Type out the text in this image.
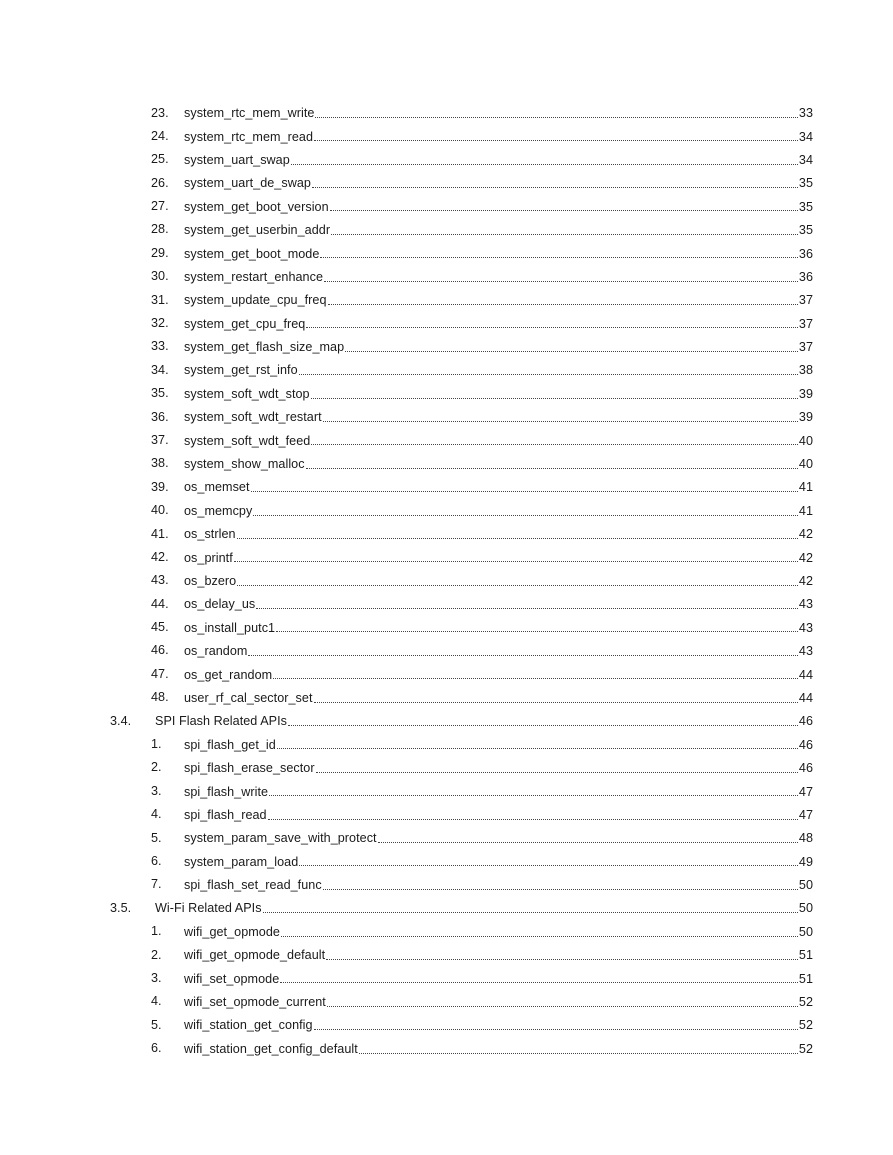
23. system_rtc_mem_write	33
24. system_rtc_mem_read	34
25. system_uart_swap	34
26. system_uart_de_swap	35
27. system_get_boot_version	35
28. system_get_userbin_addr	35
29. system_get_boot_mode	36
30. system_restart_enhance	36
31. system_update_cpu_freq	37
32. system_get_cpu_freq	37
33. system_get_flash_size_map	37
34. system_get_rst_info	38
35. system_soft_wdt_stop	39
36. system_soft_wdt_restart	39
37. system_soft_wdt_feed	40
38. system_show_malloc	40
39. os_memset	41
40. os_memcpy	41
41. os_strlen	42
42. os_printf	42
43. os_bzero	42
44. os_delay_us	43
45. os_install_putc1	43
46. os_random	43
47. os_get_random	44
48. user_rf_cal_sector_set	44
3.4. SPI Flash Related APIs	46
1. spi_flash_get_id	46
2. spi_flash_erase_sector	46
3. spi_flash_write	47
4. spi_flash_read	47
5. system_param_save_with_protect	48
6. system_param_load	49
7. spi_flash_set_read_func	50
3.5. Wi-Fi Related APIs	50
1. wifi_get_opmode	50
2. wifi_get_opmode_default	51
3. wifi_set_opmode	51
4. wifi_set_opmode_current	52
5. wifi_station_get_config	52
6. wifi_station_get_config_default	52
